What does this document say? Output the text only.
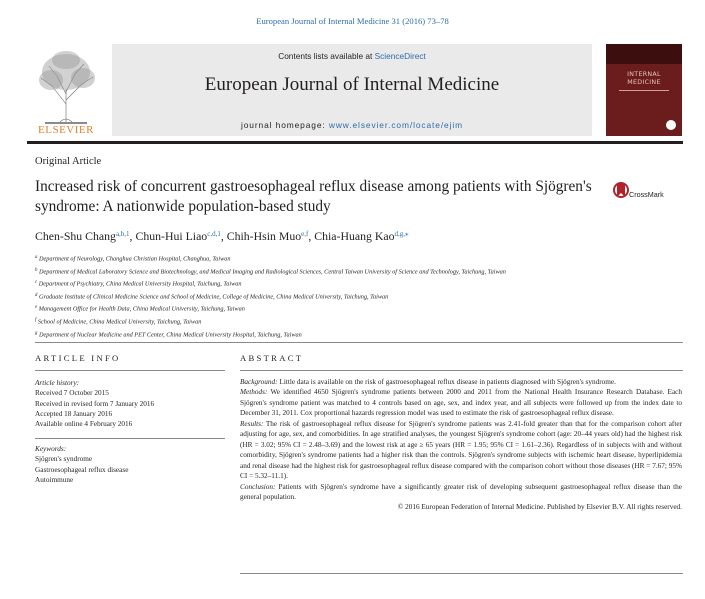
European Journal of Internal Medicine 31 (2016) 73–78
ELSEVIER
Contents lists available at ScienceDirect
European Journal of Internal Medicine
journal homepage: www.elsevier.com/locate/ejim
INTERNAL
MEDICINE
Original Article
Increased risk of concurrent gastroesophageal reflux disease among patients with Sjögren's syndrome: A nationwide population-based study
CrossMark
Chen-Shu Chang$^{a,b,1}$, Chun-Hui Liao$^{c,d,1}$, Chih-Hsin Muo$^{e,f}$, Chia-Huang Kao$^{d,g,⁎}$
$^a$ Department of Neurology, Changhua Christian Hospital, Changhua, Taiwan
$^b$ Department of Medical Laboratory Science and Biotechnology, and Medical Imaging and Radiological Sciences, Central Taiwan University of Science and Technology, Taichung, Taiwan
$^c$ Department of Psychiatry, China Medical University Hospital, Taichung, Taiwan
$^d$ Graduate Institute of Clinical Medicine Science and School of Medicine, College of Medicine, China Medical University, Taichung, Taiwan
$^e$ Management Office for Health Data, China Medical University, Taichung, Taiwan
$^f$ School of Medicine, China Medical University, Taichung, Taiwan
$^g$ Department of Nuclear Medicine and PET Center, China Medical University Hospital, Taichung, Taiwan
ARTICLE INFO	ABSTRACT
Article history:
Received 7 October 2015
Received in revised form 7 January 2016
Accepted 18 January 2016
Available online 4 February 2016
Keywords:
Sjögren's syndrome
Gastroesophageal reflux disease
Autoimmune

Background: Little data is available on the risk of gastroesophageal reflux disease in patients diagnosed with Sjögren's syndrome.

Methods: We identified 4650 Sjögren's syndrome patients between 2000 and 2011 from the National Health Insurance Research Database. Each Sjögren's syndrome patient was matched to 4 controls based on age, sex, and index year, and all subjects were followed up from the index date to December 31, 2011. Cox proportional hazards regression model was used to estimate the risk of gastroesophageal reflux disease.

Results: The risk of gastroesophageal reflux disease for Sjögren's syndrome patients was 2.41-fold greater than that for the comparison cohort after adjusting for age, sex, and comorbidities. In age stratified analyses, the youngest Sjögren's syndrome cohort (age: 20–44 years old) had the highest risk (HR = 3.02; 95% CI = 2.48–3.69) and the lowest risk at age ≥ 65 years (HR = 1.95; 95% CI = 1.61–2.36). Regardless of in subjects with and without comorbidity, Sjögren's syndrome patients had a higher risk than the controls. Sjögren's syndrome subjects with ischemic heart disease, hyperlipidemia and renal disease had the highest risk for gastroesophageal reflux disease compared with the comparison cohort without those diseases (HR = 7.67; 95% CI = 5.32–11.1).

Conclusion: Patients with Sjögren's syndrome have a significantly greater risk of developing subsequent gastroesophageal reflux disease than the general population.

© 2016 European Federation of Internal Medicine. Published by Elsevier B.V. All rights reserved.
